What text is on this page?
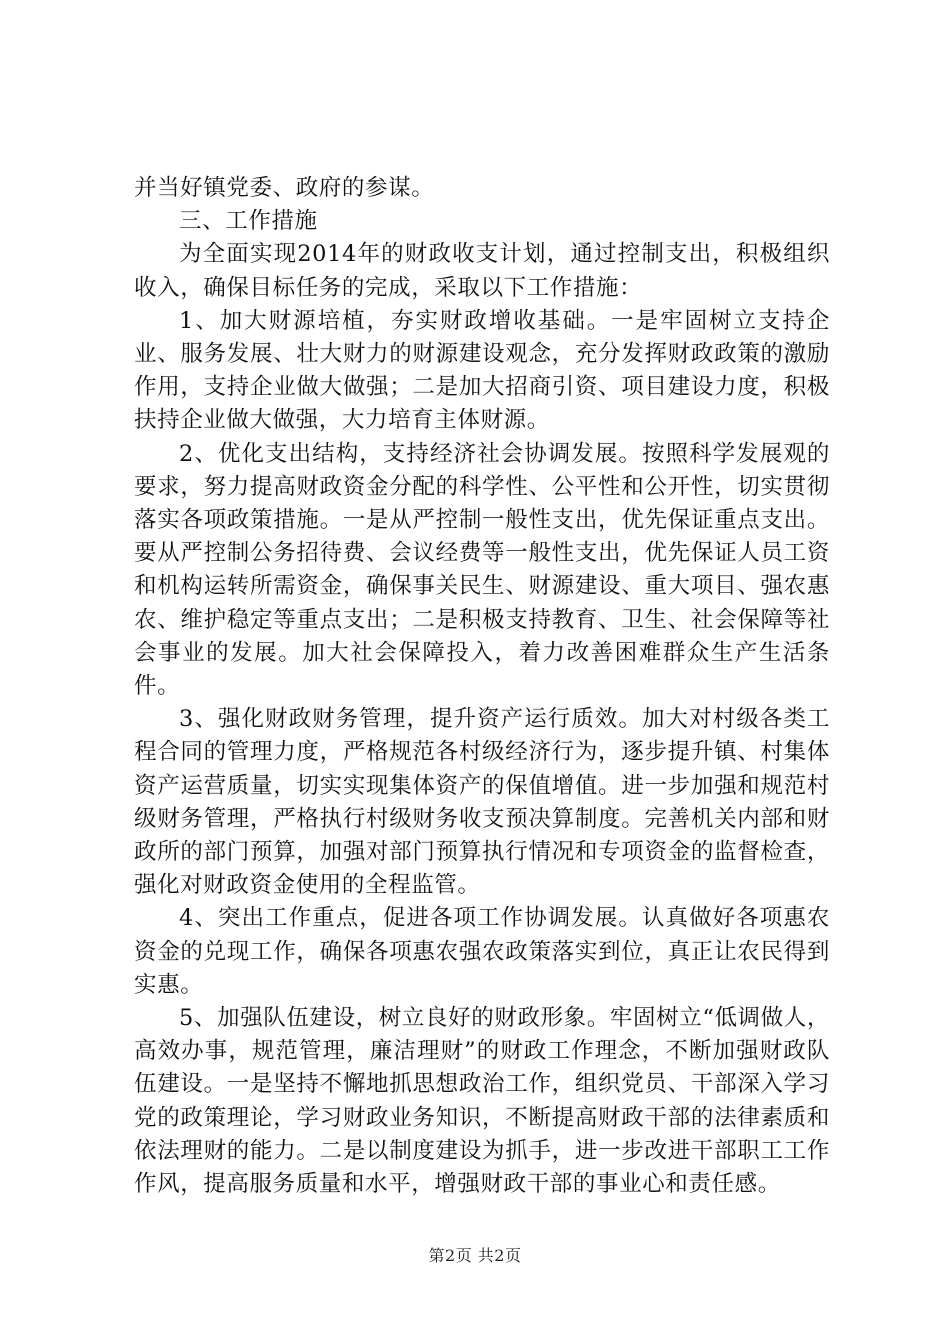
并当好镇党委、政府的参谋。

三、工作措施

为全面实现2014年的财政收支计划，通过控制支出，积极组织收入，确保目标任务的完成，采取以下工作措施：

1、加大财源培植，夯实财政增收基础。一是牢固树立支持企业、服务发展、壮大财力的财源建设观念，充分发挥财政政策的激励作用，支持企业做大做强；二是加大招商引资、项目建设力度，积极扶持企业做大做强，大力培育主体财源。

2、优化支出结构，支持经济社会协调发展。按照科学发展观的要求，努力提高财政资金分配的科学性、公平性和公开性，切实贯彻落实各项政策措施。一是从严控制一般性支出，优先保证重点支出。要从严控制公务招待费、会议经费等一般性支出，优先保证人员工资和机构运转所需资金，确保事关民生、财源建设、重大项目、强农惠农、维护稳定等重点支出；二是积极支持教育、卫生、社会保障等社会事业的发展。加大社会保障投入，着力改善困难群众生产生活条件。

3、强化财政财务管理，提升资产运行质效。加大对村级各类工程合同的管理力度，严格规范各村级经济行为，逐步提升镇、村集体资产运营质量，切实实现集体资产的保值增值。进一步加强和规范村级财务管理，严格执行村级财务收支预决算制度。完善机关内部和财政所的部门预算，加强对部门预算执行情况和专项资金的监督检查，强化对财政资金使用的全程监管。

4、突出工作重点，促进各项工作协调发展。认真做好各项惠农资金的兑现工作，确保各项惠农强农政策落实到位，真正让农民得到实惠。

5、加强队伍建设，树立良好的财政形象。牢固树立“低调做人，高效办事，规范管理，廉洁理财”的财政工作理念，不断加强财政队伍建设。一是坚持不懈地抓思想政治工作，组织党员、干部深入学习党的政策理论，学习财政业务知识，不断提高财政干部的法律素质和依法理财的能力。二是以制度建设为抓手，进一步改进干部职工工作作风，提高服务质量和水平，增强财政干部的事业心和责任感。

第2页 共2页
